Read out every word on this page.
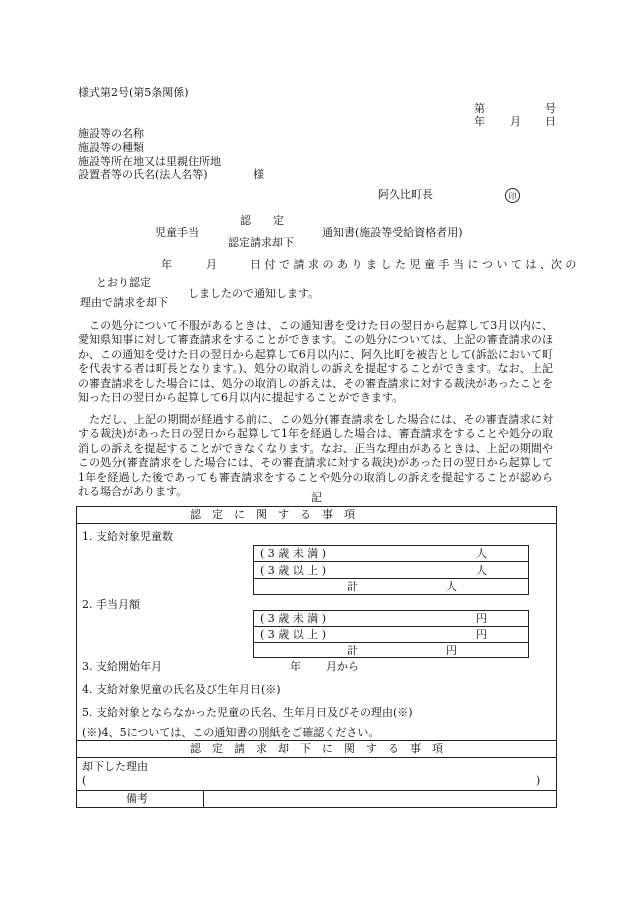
様式第2号(第5条関係)
第	号
年 月 日
施設等の名称
施設等の種類
施設等所在地又は里親住所地
設置者等の氏名(法人名等)	様
阿久比町長	印
児童手当
認　　定
認定請求却下
通知書(施設等受給資格者用)
年	月	日 付 で 請 求 の あ り ま し た 児 童 手 当 に つ い て は 、次 の
とおり認定
しましたので通知します。
理由で請求を却下
この処分について不服があるときは、この通知書を受けた日の翌日から起算して3月以内に、愛知県知事に対して審査請求をすることができます。この処分については、上記の審査請求のほか、この通知を受けた日の翌日から起算して6月以内に、阿久比町を被告として(訴訟において町を代表する者は町長となります。)、処分の取消しの訴えを提起することができます。なお、上記の審査請求をした場合には、処分の取消しの訴えは、その審査請求に対する裁決があったことを知った日の翌日から起算して6月以内に提起することができます。
ただし、上記の期間が経過する前に、この処分(審査請求をした場合には、その審査請求に対する裁決)があった日の翌日から起算して1年を経過した場合は、審査請求をすることや処分の取消しの訴えを提起することができなくなります。なお、正当な理由があるときは、上記の期間やこの処分(審査請求をした場合には、その審査請求に対する裁決)があった日の翌日から起算して1年を経過した後であっても審査請求をすることや処分の取消しの訴えを提起することが認められる場合があります。	記
認　定　に　関　す　る　事　項
1. 支給対象児童数
( 3 歳 未 満 )	人
( 3 歳 以 上 )	人
計	人
2. 手当月額
( 3 歳 未 満 )	円
( 3 歳 以 上 )	円
計	円
3. 支給開始年月	年 月から
4. 支給対象児童の氏名及び生年月日(※)
5. 支給対象とならなかった児童の氏名、生年月日及びその理由(※)
(※)4、5については、この通知書の別紙をご確認ください。
認　定　請　求　却　下　に　関　す　る　事　項
却下した理由
(	)
備考
